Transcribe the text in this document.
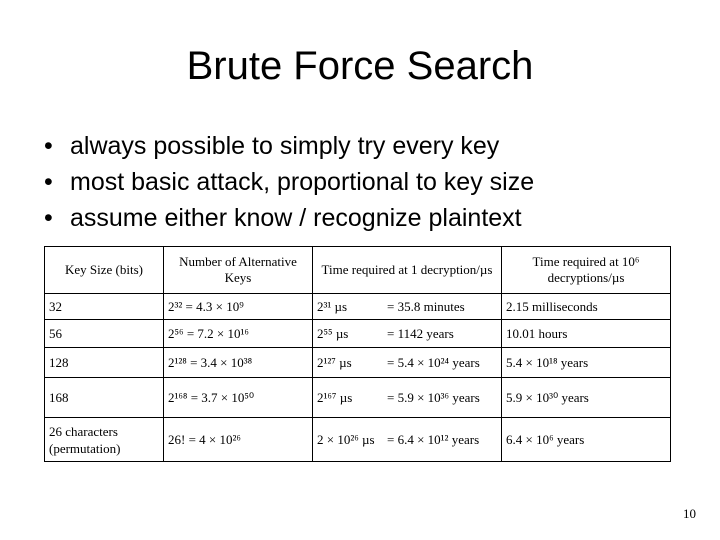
Brute Force Search
• always possible to simply try every key
• most basic attack, proportional to key size
• assume either know / recognize plaintext
Key Size (bits)	Number of Alternative Keys	Time required at 1 decryption/µs	Time required at 10⁶ decryptions/µs
32	2³² = 4.3 × 10⁹	2³¹ µs = 35.8 minutes	2.15 milliseconds
56	2⁵⁶ = 7.2 × 10¹⁶	2⁵⁵ µs = 1142 years	10.01 hours
128	2¹²⁸ = 3.4 × 10³⁸	2¹²⁷ µs = 5.4 × 10²⁴ years	5.4 × 10¹⁸ years
168	2¹⁶⁸ = 3.7 × 10⁵⁰	2¹⁶⁷ µs = 5.9 × 10³⁶ years	5.9 × 10³⁰ years
26 characters (permutation)	26! = 4 × 10²⁶	2 × 10²⁶ µs = 6.4 × 10¹² years	6.4 × 10⁶ years
10
